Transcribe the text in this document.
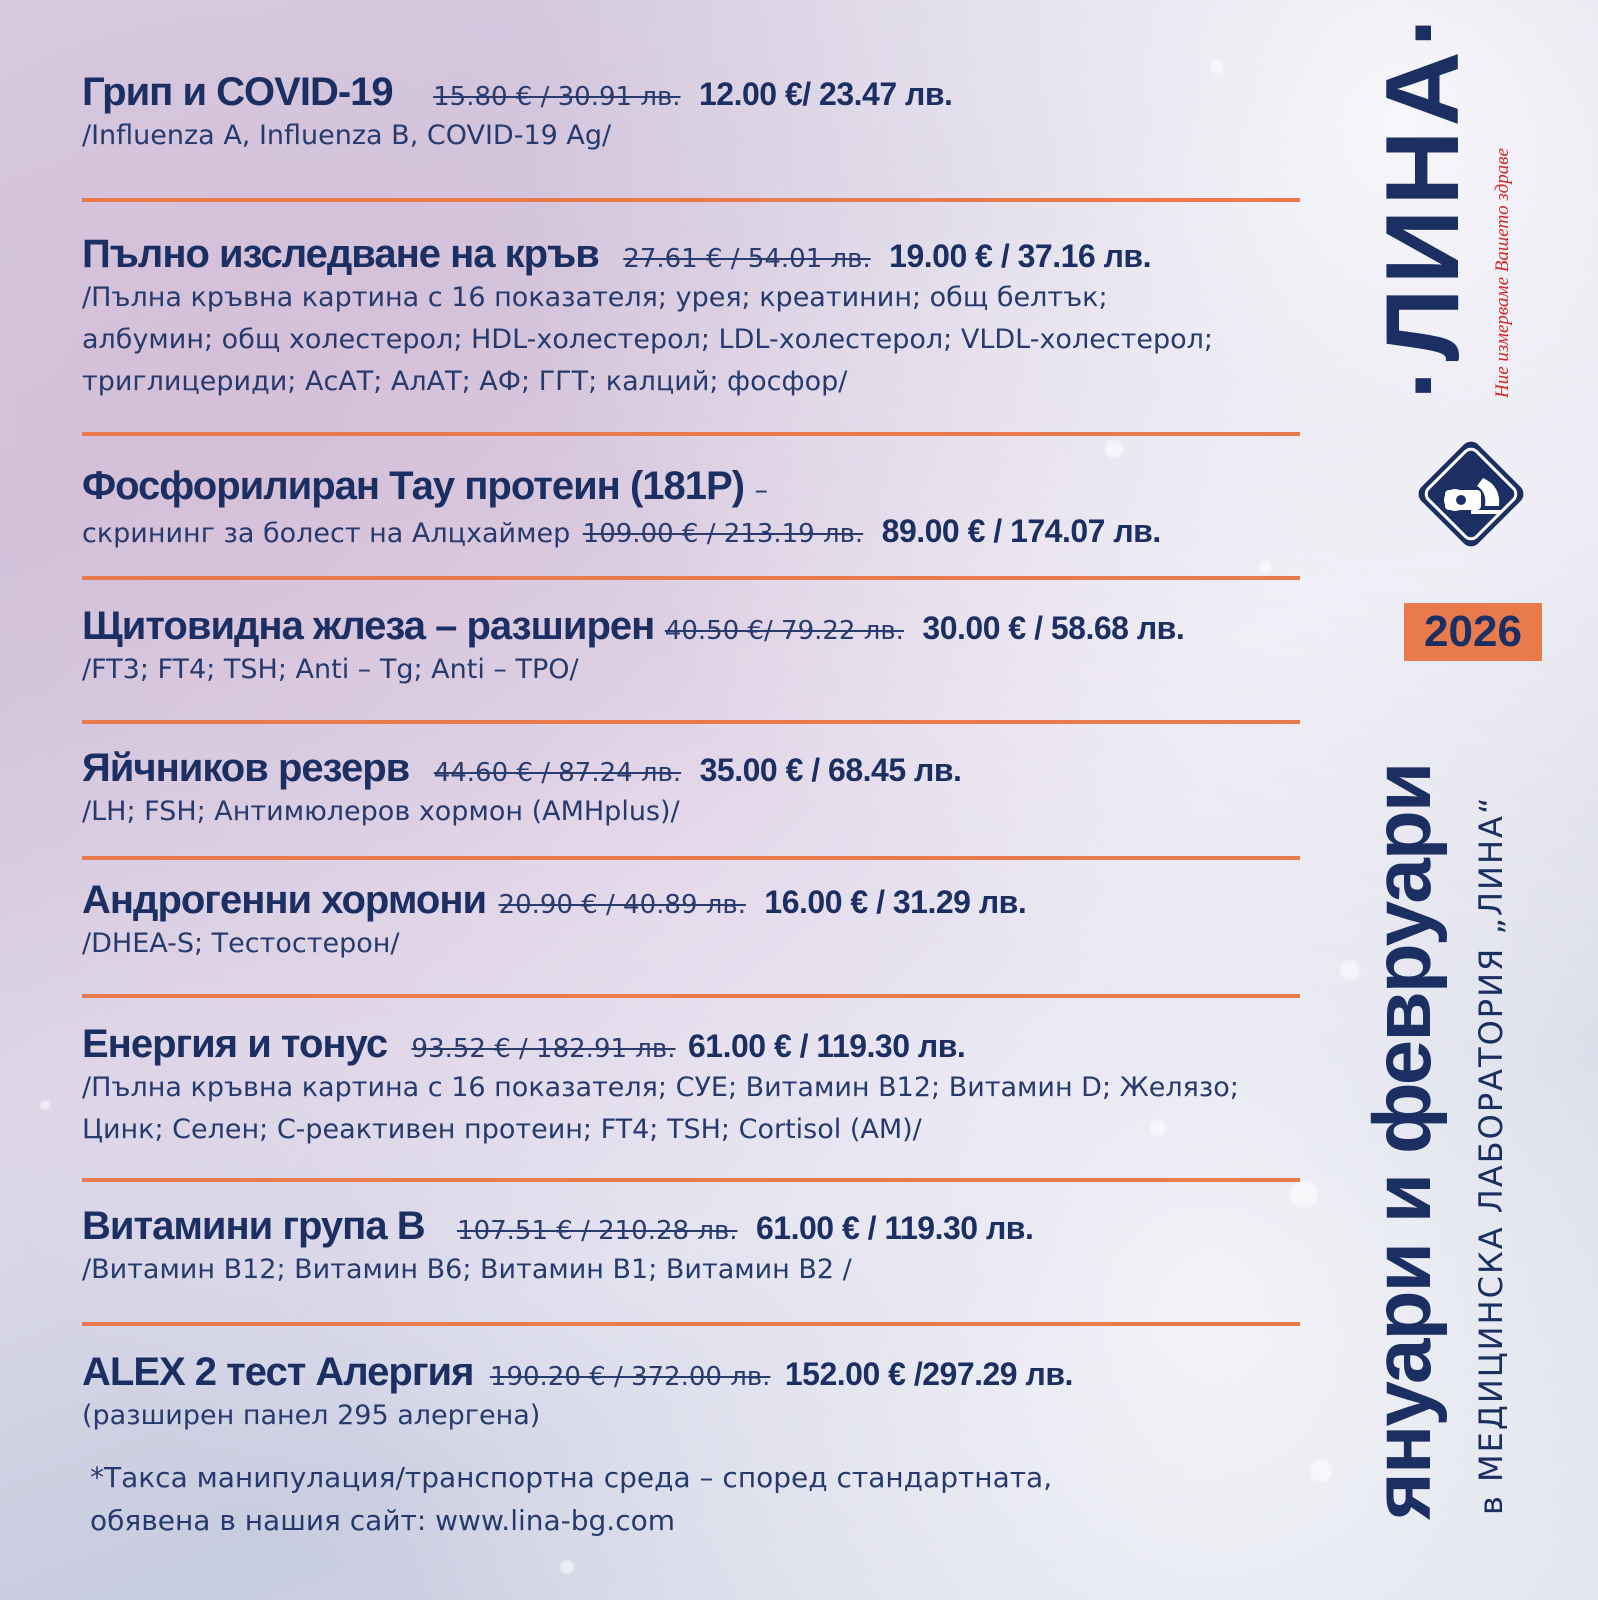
Грип и COVID-19 15.80 € / 30.91 лв. 12.00 €/ 23.47 лв.
/Influenza A, Influenza B, COVID-19 Ag/
Пълно изследване на кръв 27.61 € / 54.01 лв. 19.00 € / 37.16 лв.
/Пълна кръвна картина с 16 показателя; урея; креатинин; общ белтък; албумин; общ холестерол; HDL-холестерол; LDL-холестерол; VLDL-холестерол; триглицериди; АсАТ; АлАТ; АФ; ГГТ; калций; фосфор/
Фосфорилиран Тау протеин (181P) –
скрининг за болест на Алцхаймер 109.00 € / 213.19 лв. 89.00 € / 174.07 лв.
Щитовидна жлеза – разширен 40.50 €/ 79.22 лв. 30.00 € / 58.68 лв.
/FT3; FT4; TSH; Anti – Tg; Anti – TPO/
Яйчников резерв 44.60 € / 87.24 лв. 35.00 € / 68.45 лв.
/LH; FSH; Антимюлеров хормон (AMHplus)/
Андрогенни хормони 20.90 € / 40.89 лв. 16.00 € / 31.29 лв.
/DHEA-S; Тестостерон/
Енергия и тонус 93.52 € / 182.91 лв. 61.00 € / 119.30 лв.
/Пълна кръвна картина с 16 показателя; СУЕ; Витамин B12; Витамин D; Желязо; Цинк; Селен; C-реактивен протеин; FT4; TSH; Cortisol (AM)/
Витамини група В 107.51 € / 210.28 лв. 61.00 € / 119.30 лв.
/Витамин B12; Витамин B6; Витамин B1; Витамин B2 /
ALEX 2 тест Алергия 190.20 € / 372.00 лв. 152.00 € /297.29 лв.
(разширен панел 295 алергена)
*Такса манипулация/транспортна среда – според стандартната,
обявена в нашия сайт: www.lina-bg.com
·ЛИНА· Ние измерваме Вашето здраве
януари и февруари в МЕДИЦИНСКА ЛАБОРАТОРИЯ „ЛИНА“
2026
